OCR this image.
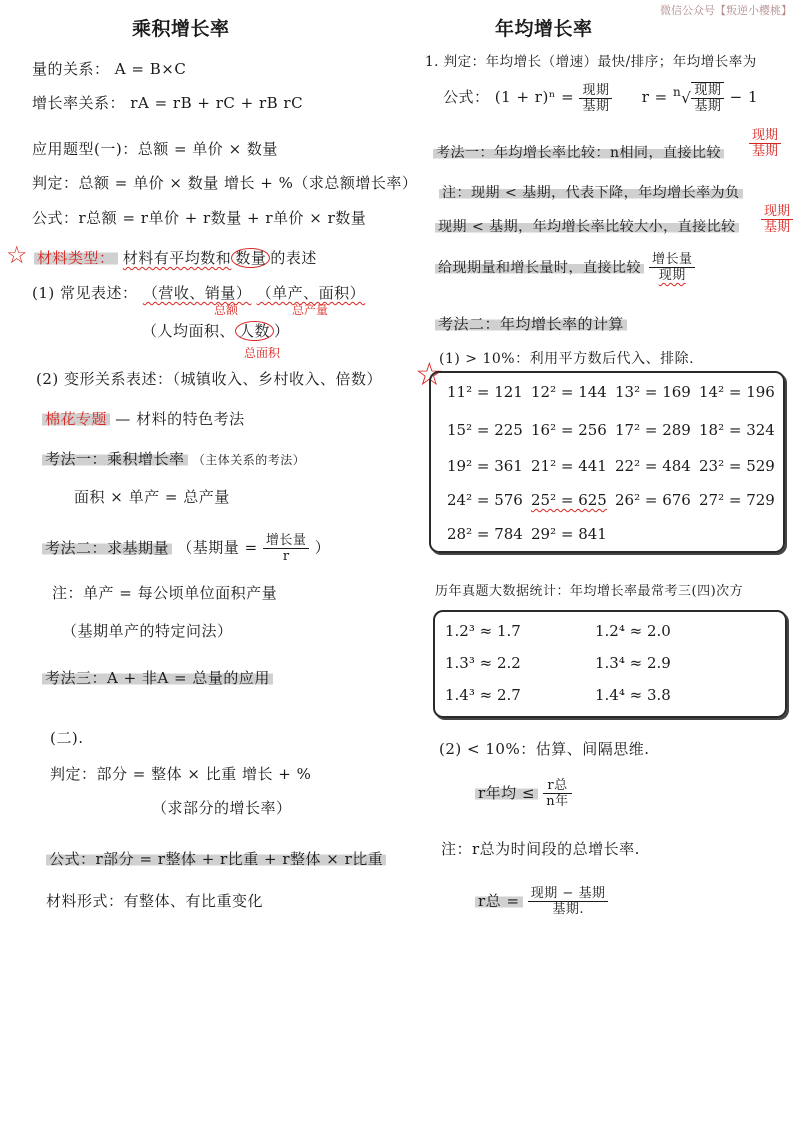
微信公众号【叛逆小樱桃】
乘积增长率
量的关系： A = B×C
增长率关系： rA = rB + rC + rB rC
应用题型(一)：总额 = 单价 × 数量
判定：总额 = 单价 × 数量 增长 + %（求总额增长率）
公式：r总额 = r单价 + r数量 + r单价 × r数量
☆ 材料类型： 材料有平均数和 数量 的表述
(1) 常见表述： （营收、销量） （单产、面积）
总额	总产量
（人均面积、 人数 ）
总面积
(2) 变形关系表述：（城镇收入、乡村收入、倍数）
棉花专题 — 材料的特色考法
考法一：乘积增长率 （主体关系的考法）
面积 × 单产 = 总产量
考法二：求基期量 （基期量 = $\frac{\text{增长量}}{r}$ ）
注：单产 = 每公顷单位面积产量
（基期单产的特定问法）
考法三：A + 非A = 总量的应用
(二).
判定：部分 = 整体 × 比重 增长 + %
（求部分的增长率）
公式：r部分 = r整体 + r比重 + r整体 × r比重
材料形式：有整体、有比重变化
年均增长率
1. 判定：年均增长（增速）最快/排序；年均增长率为
公式： $(1 + r)^n = \frac{\text{现期}}{\text{基期}}$ $r = ^n√ \frac{\text{现期}}{\text{基期}} - 1$
考法一：年均增长率比较：n相同，直接比较
现期
基期
注：现期 < 基期，代表下降，年均增长率为负
现期 < 基期，年均增长率比较大小，直接比较
现期
基期
给现期量和增长量时，直接比较 $\frac{\text{增长量}}{\text{现期}}$
考法二：年均增长率的计算
(1) > 10%：利用平方数后代入、排除.
☆ 11² = 121 12² = 144 13² = 169 14² = 196
15² = 225 16² = 256 17² = 289 18² = 324
19² = 361 21² = 441 22² = 484 23² = 529
24² = 576 25² = 625 26² = 676 27² = 729
28² = 784 29² = 841
历年真题大数据统计：年均增长率最常考三(四)次方
1.2³ ≈ 1.7	1.2⁴ ≈ 2.0
1.3³ ≈ 2.2	1.3⁴ ≈ 2.9
1.4³ ≈ 2.7	1.4⁴ ≈ 3.8
(2) < 10%：估算、间隔思维.
r年均 ≤ $\frac{\text{r总}}{\text{n年}}$
注：r总为时间段的总增长率.
r总 = $\frac{\text{现期 − 基期}}{\text{基期.}}$
